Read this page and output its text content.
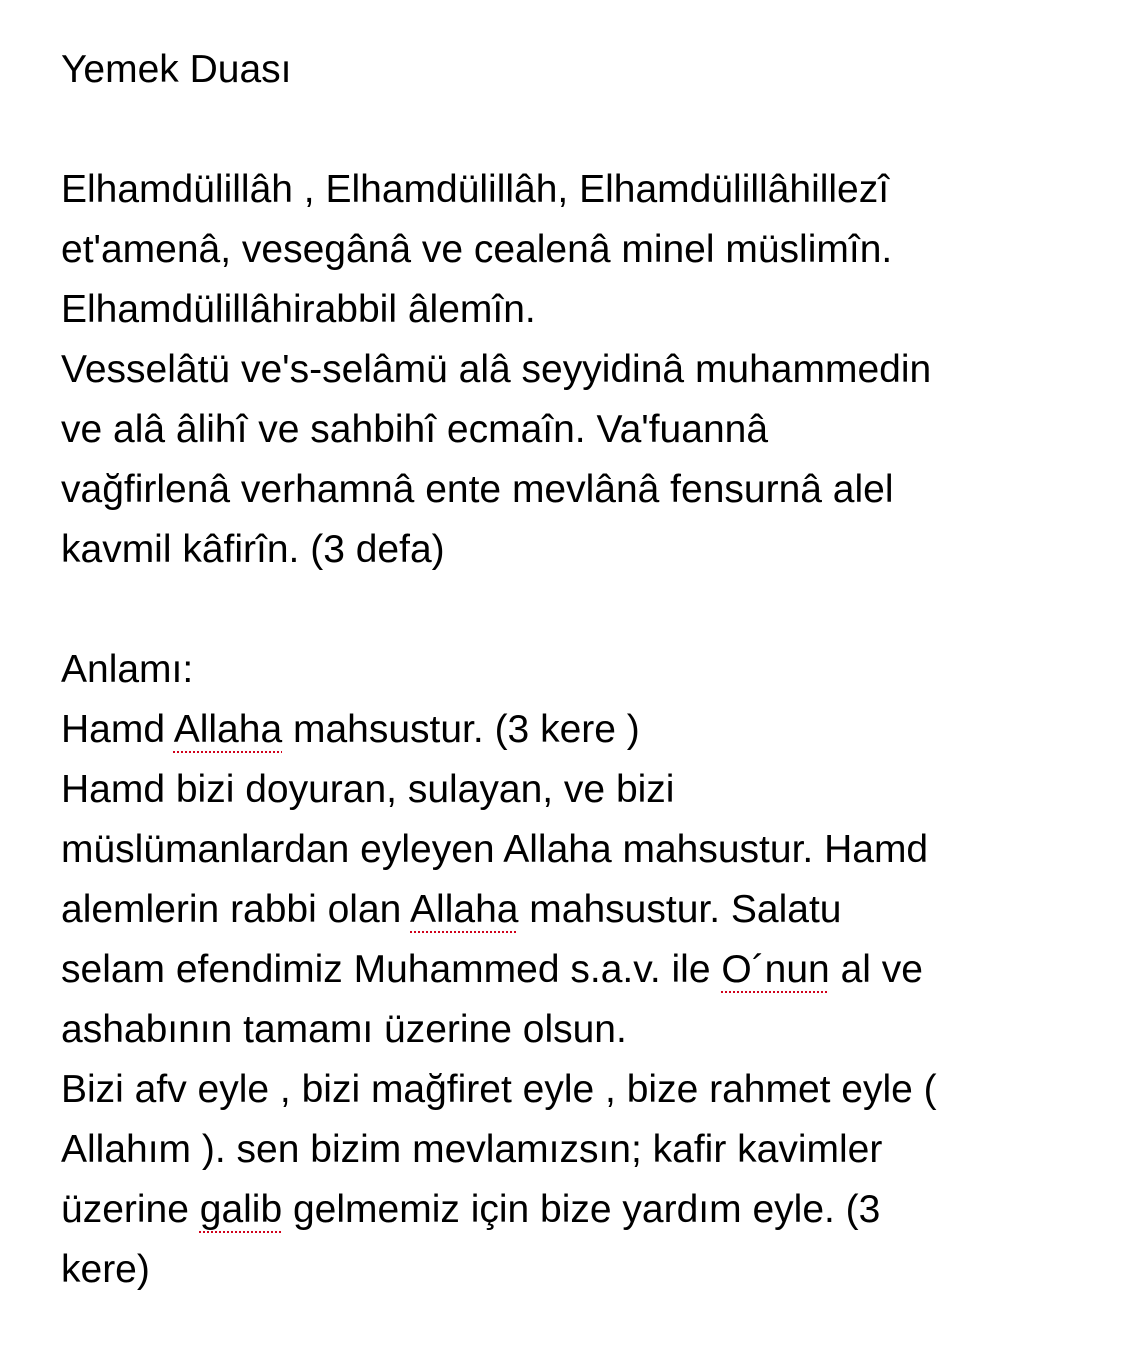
Yemek Duası
Elhamdülillâh , Elhamdülillâh, Elhamdülillâhillezî
et'amenâ, vesegânâ ve cealenâ minel müslimîn.
Elhamdülillâhirabbil âlemîn.
Vesselâtü ve's-selâmü alâ seyyidinâ muhammedin
ve alâ âlihî ve sahbihî ecmaîn. Va'fuannâ
vağfirlenâ verhamnâ ente mevlânâ fensurnâ alel
kavmil kâfirîn. (3 defa)
Anlamı:
Hamd Allaha mahsustur. (3 kere )
Hamd bizi doyuran, sulayan, ve bizi
müslümanlardan eyleyen Allaha mahsustur. Hamd
alemlerin rabbi olan Allaha mahsustur. Salatu
selam efendimiz Muhammed s.a.v. ile O´nun al ve
ashabının tamamı üzerine olsun.
Bizi afv eyle , bizi mağfiret eyle , bize rahmet eyle (
Allahım ). sen bizim mevlamızsın; kafir kavimler
üzerine galib gelmemiz için bize yardım eyle. (3
kere)
